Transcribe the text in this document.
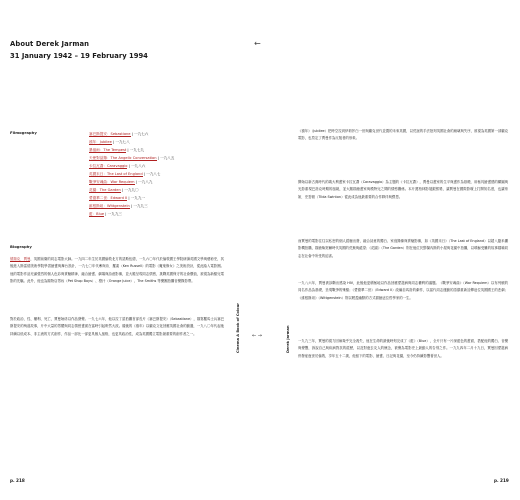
About Derek Jarman
31 January 1942 – 19 February 1994
←
Filmography	塞巴斯提安：Sebastiane | 一九七六
禧年：Jubilee | 一九七八
暴風雨：The Tempest | 一九七九
天使對話錄：The Angelic Conversation | 一九八五
卡拉瓦喬：Caravaggio | 一九八六
英國末日：The Last of England | 一九八七
戰爭安魂曲：War Requiem | 一九八九
花園：The Garden | 一九九〇
愛德華二世：Edward II | 一九九一
維根斯坦：Wittgenstein | 一九九三
藍：Blue | 一九九三
Biography

德瑞克．賈曼，英國前衛的同志電影大師。一九四二年生於英國倫敦北方的諾斯伍德，一九六〇年代於倫敦國王學院研讀英國文學與藝術史，其後進入斯雷德美術學院學習繪畫與舞台設計，一九七〇年代參與肯．羅素（Ken Russell）的電影《魔鬼修女》之美術設計，從此踏入電影圈。他的電影作品充滿強烈的個人色彩與實驗精神，融合繪畫、劇場與詩意影像，並大膽呈現同志情慾，挑戰英國保守的社會價值，被視為新酷兒電影的先驅。此外，他也為寵物店男孩（Pet Shop Boys）、橙汁（Orange Juice）、The Smiths 等樂團拍攝音樂錄影帶。

對於政治、性、權利、死亡，賈曼始終以作品發聲。一九七六年，他以拉丁語拍攝首部長片《塞巴斯提安》（Sebastiane），描寫羅馬士兵塞巴斯提安的殉道故事，片中大量的男體與同志情慾畫面在當時引起軒然大波。隨後的《禧年》以龐克文化回應英國社會的動盪，一九八〇年代起他持續以低成本、非主流的方式創作，作品一部比一部更具個人風格，也更具政治性，成為英國獨立電影最重要的創作者之一。	Cinema A Book of Colour ← →	Derek Jarman

《禧年》（Jubilee）把時空拉到伊莉莎白一世與龐克世代並置的未來英國，以荒誕的手法批判英國社會的崩壞與失序，被視為英國第一部龐克電影，也奠定了賈曼作為反叛者的形象。

開始以新古典時代的義大利畫家卡拉瓦喬（Caravaggio）為主題的《卡拉瓦喬》，賈曼以畫家的生平與畫作為基礎，用極具繪畫感的構圖與光影重現巴洛克時期的風貌，並大膽描繪畫家與模特兒之間的情慾關係。本片獲柏林影展銀熊獎，讓賈曼在國際影壇上打開知名度，也讓蒂妲．史雲頓（Tilda Swinton）從此成為他最重要的合作夥伴與繆思。

而賈曼的電影往往以私密的個人經驗出發，融合詩意的獨白、家庭錄像與實驗影像，如《英國末日》（The Last of England）以超八釐米攝影機拍攝，描繪柴契爾時代英國的荒蕪與絕望；《花園》（The Garden）則在他位於鄧傑內斯的小屋與花園中拍攝，以耶穌受難的故事隱喻同志在社會中所受的迫害。

一九八六年，賈曼被診斷出感染 HIV，此後他更積極地以作品回應愛滋病與同志權利的議題。《戰爭安魂曲》（War Requiem）以布列頓的同名作品為基礎，呈現戰爭的殘酷；《愛德華二世》（Edward II）改編自馬洛的劇作，以當代同志運動的語彙重新詮釋這位英國國王的悲劇；《維根斯坦》（Wittgenstein）則以輕盈幽默的方式描繪這位哲學家的一生。

一九九三年，賈曼的視力因病幾乎完全喪失，他在生命的最後時刻完成了《藍》（Blue），全片只有一片深藍色的畫面，搭配他的獨白、音樂與聲響，訴說自己與疾病對抗的經歷，以及對逝去友人的懷念，被譽為電影史上最動人的告別之作。一九九四年二月十九日，賈曼因愛滋病併發症逝世於倫敦，享年五十二歲，他留下的電影、繪畫、日記與花園，至今仍持續影響著世人。

p. 218	p. 219
